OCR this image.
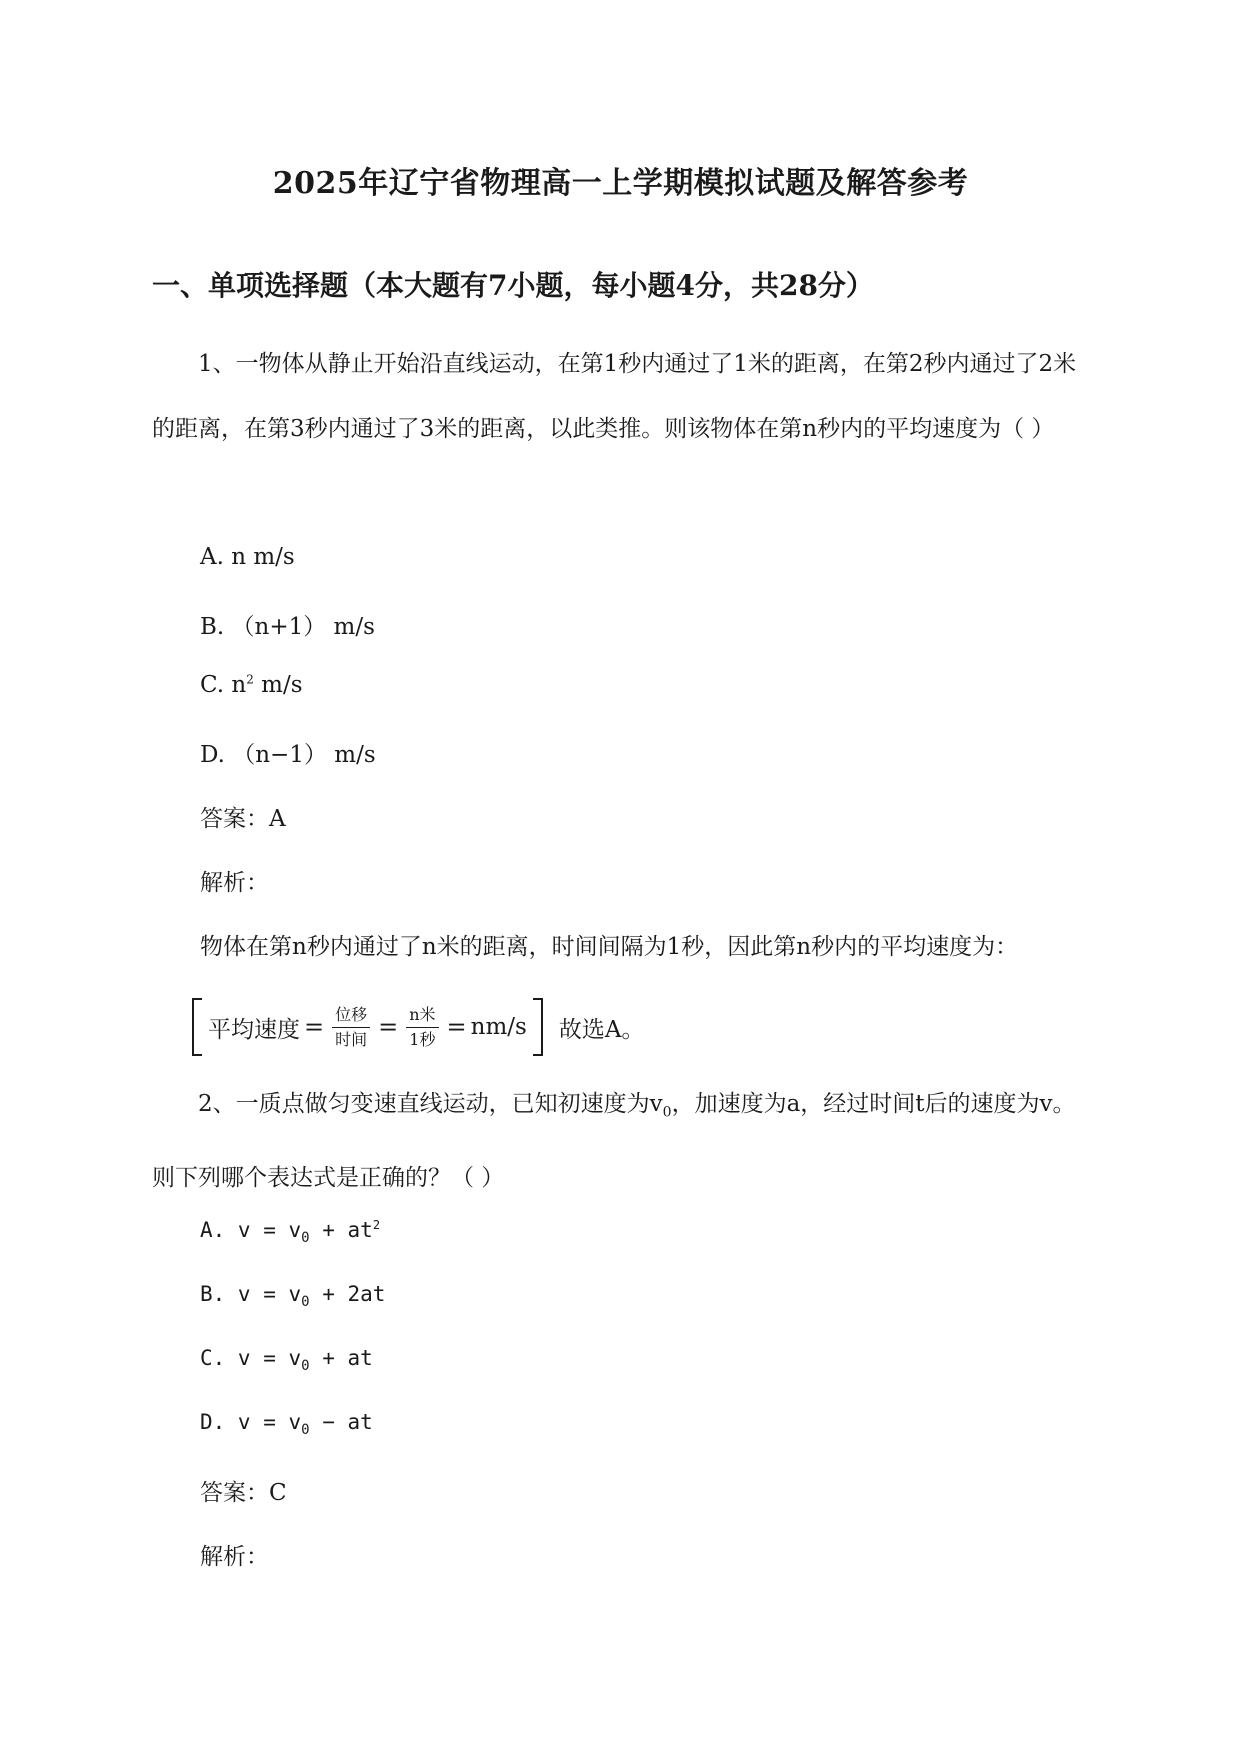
2025年辽宁省物理高一上学期模拟试题及解答参考
一、单项选择题（本大题有7小题，每小题4分，共28分）
1、一物体从静止开始沿直线运动，在第1秒内通过了1米的距离，在第2秒内通过了2米的距离，在第3秒内通过了3米的距离，以此类推。则该物体在第n秒内的平均速度为（ ）
A. n m/s
B. （n+1） m/s
C. $n^2$ m/s
D. （n−1） m/s
答案：A
解析：
物体在第n秒内通过了n米的距离，时间间隔为1秒，因此第n秒内的平均速度为：
平均速度 = $\frac{\text{位移}}{\text{时间}} = \frac{\text{n米}}{\text{1秒}} = nm/s$ 故选A。
2、一质点做匀变速直线运动，已知初速度为$v_0$，加速度为a，经过时间t后的速度为v。则下列哪个表达式是正确的？（ ）
A. $v = v_0 + at^2$
B. $v = v_0 + 2at$
C. $v = v_0$ + at
D. $v = v_0$ − at
答案：C
解析：
